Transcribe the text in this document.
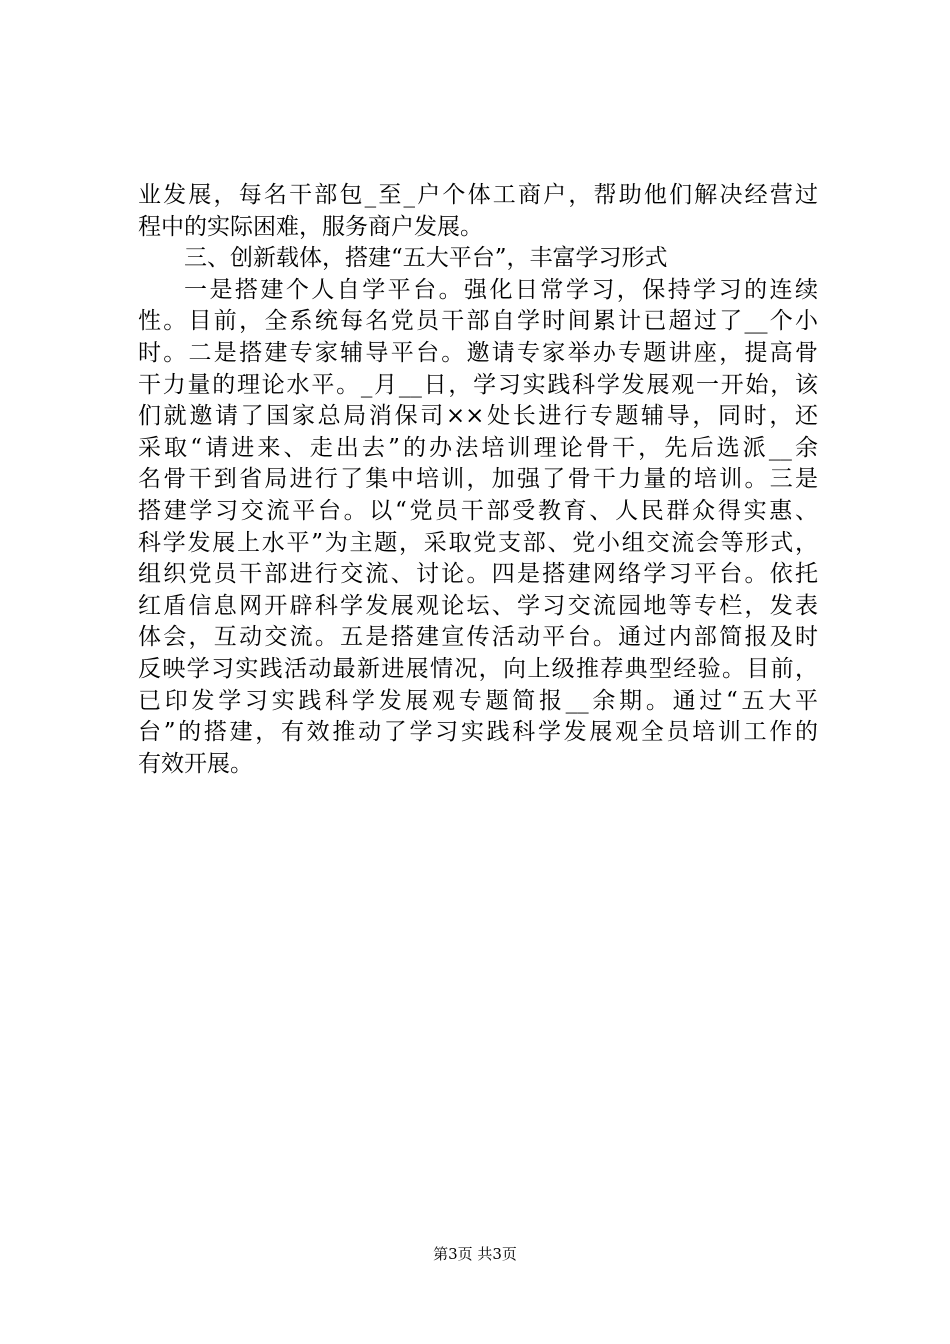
业发展，每名干部包_至_户个体工商户，帮助他们解决经营过
程中的实际困难，服务商户发展。
三、创新载体，搭建“五大平台”，丰富学习形式
一是搭建个人自学平台。强化日常学习，保持学习的连续
性。目前，全系统每名党员干部自学时间累计已超过了__个小
时。二是搭建专家辅导平台。邀请专家举办专题讲座，提高骨
干力量的理论水平。_月__日，学习实践科学发展观一开始，该
们就邀请了国家总局消保司××处长进行专题辅导，同时，还
采取“请进来、走出去”的办法培训理论骨干，先后选派__余
名骨干到省局进行了集中培训，加强了骨干力量的培训。三是
搭建学习交流平台。以“党员干部受教育、人民群众得实惠、
科学发展上水平”为主题，采取党支部、党小组交流会等形式，
组织党员干部进行交流、讨论。四是搭建网络学习平台。依托
红盾信息网开辟科学发展观论坛、学习交流园地等专栏，发表
体会，互动交流。五是搭建宣传活动平台。通过内部简报及时
反映学习实践活动最新进展情况，向上级推荐典型经验。目前，
已印发学习实践科学发展观专题简报__余期。通过“五大平
台”的搭建，有效推动了学习实践科学发展观全员培训工作的
有效开展。
第3页 共3页
